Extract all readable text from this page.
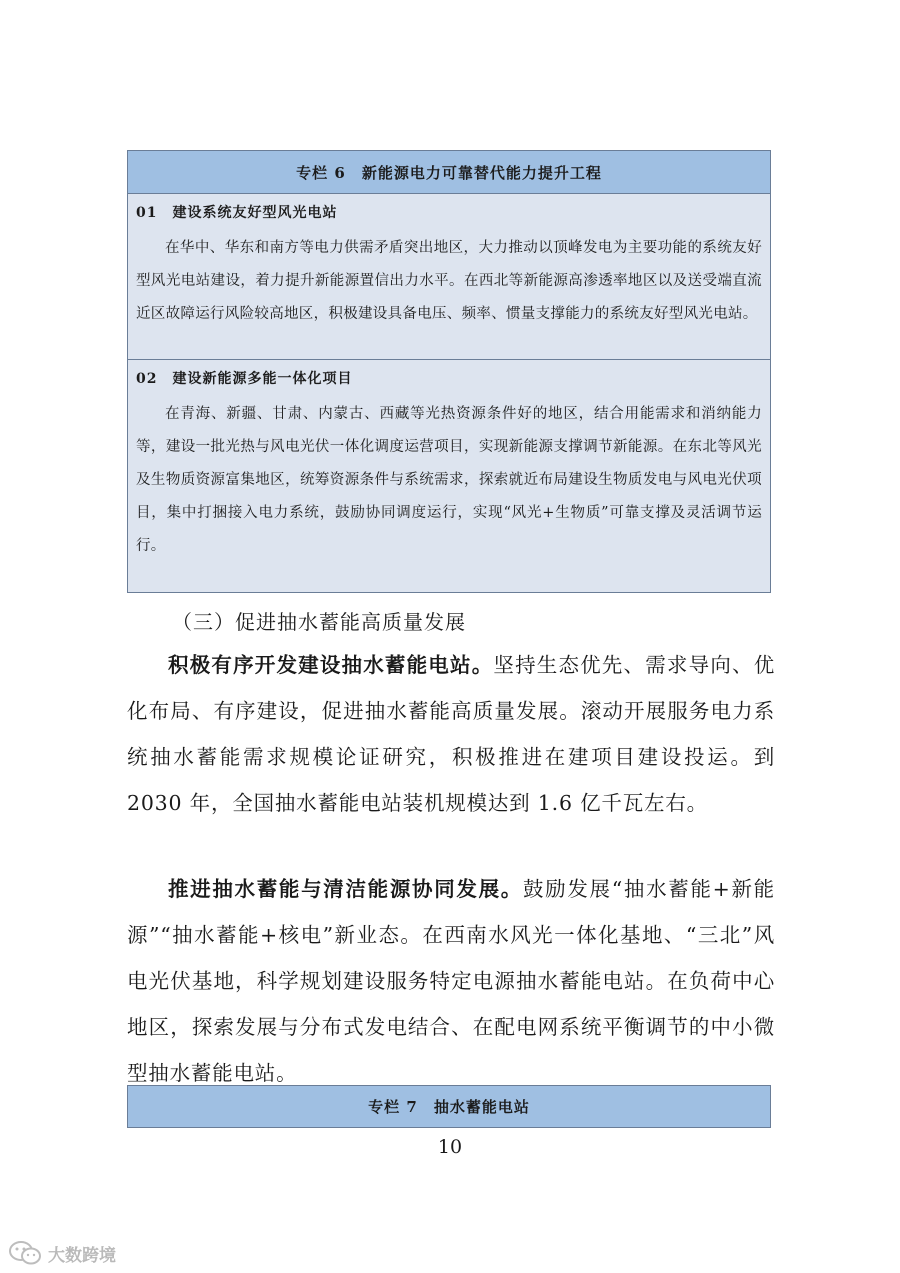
专栏 6　新能源电力可靠替代能力提升工程
01　建设系统友好型风光电站
在华中、华东和南方等电力供需矛盾突出地区，大力推动以顶峰发电为主要功能的系统友好型风光电站建设，着力提升新能源置信出力水平。在西北等新能源高渗透率地区以及送受端直流近区故障运行风险较高地区，积极建设具备电压、频率、惯量支撑能力的系统友好型风光电站。
02　建设新能源多能一体化项目
在青海、新疆、甘肃、内蒙古、西藏等光热资源条件好的地区，结合用能需求和消纳能力等，建设一批光热与风电光伏一体化调度运营项目，实现新能源支撑调节新能源。在东北等风光及生物质资源富集地区，统筹资源条件与系统需求，探索就近布局建设生物质发电与风电光伏项目，集中打捆接入电力系统，鼓励协同调度运行，实现“风光+生物质”可靠支撑及灵活调节运行。
（三）促进抽水蓄能高质量发展
积极有序开发建设抽水蓄能电站。坚持生态优先、需求导向、优化布局、有序建设，促进抽水蓄能高质量发展。滚动开展服务电力系统抽水蓄能需求规模论证研究，积极推进在建项目建设投运。到 2030 年，全国抽水蓄能电站装机规模达到 1.6 亿千瓦左右。
推进抽水蓄能与清洁能源协同发展。鼓励发展“抽水蓄能+新能源”“抽水蓄能+核电”新业态。在西南水风光一体化基地、“三北”风电光伏基地，科学规划建设服务特定电源抽水蓄能电站。在负荷中心地区，探索发展与分布式发电结合、在配电网系统平衡调节的中小微型抽水蓄能电站。
专栏 7　抽水蓄能电站
10
大数跨境
